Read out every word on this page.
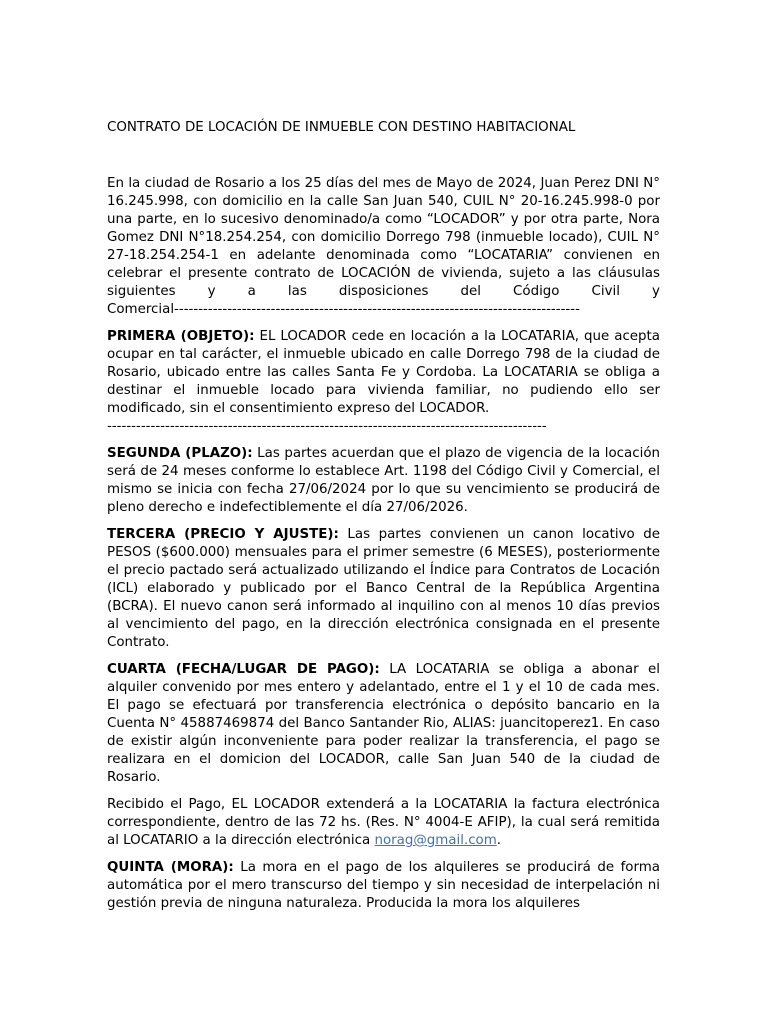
CONTRATO DE LOCACIÓN DE INMUEBLE CON DESTINO HABITACIONAL

En la ciudad de Rosario a los 25 días del mes de Mayo de 2024, Juan Perez DNI N° 16.245.998, con domicilio en la calle San Juan 540, CUIL N° 20-16.245.998-0 por una parte, en lo sucesivo denominado/a como “LOCADOR” y por otra parte, Nora Gomez DNI N°18.254.254, con domicilio Dorrego 798 (inmueble locado), CUIL N° 27-18.254.254-1 en adelante denominada como “LOCATARIA” convienen en celebrar el presente contrato de LOCACIÓN de vivienda, sujeto a las cláusulas siguientes y a las disposiciones del Código Civil y Comercial------------------------------------------------------------------------------------

PRIMERA (OBJETO): EL LOCADOR cede en locación a la LOCATARIA, que acepta ocupar en tal carácter, el inmueble ubicado en calle Dorrego 798 de la ciudad de Rosario, ubicado entre las calles Santa Fe y Cordoba. La LOCATARIA se obliga a destinar el inmueble locado para vivienda familiar, no pudiendo ello ser modificado, sin el consentimiento expreso del LOCADOR.
-------------------------------------------------------------------------------------------

SEGUNDA (PLAZO): Las partes acuerdan que el plazo de vigencia de la locación será de 24 meses conforme lo establece Art. 1198 del Código Civil y Comercial, el mismo se inicia con fecha 27/06/2024 por lo que su vencimiento se producirá de pleno derecho e indefectiblemente el día 27/06/2026.

TERCERA (PRECIO Y AJUSTE): Las partes convienen un canon locativo de PESOS ($600.000) mensuales para el primer semestre (6 MESES), posteriormente el precio pactado será actualizado utilizando el Índice para Contratos de Locación (ICL) elaborado y publicado por el Banco Central de la República Argentina (BCRA). El nuevo canon será informado al inquilino con al menos 10 días previos al vencimiento del pago, en la dirección electrónica consignada en el presente Contrato.

CUARTA (FECHA/LUGAR DE PAGO): LA LOCATARIA se obliga a abonar el alquiler convenido por mes entero y adelantado, entre el 1 y el 10 de cada mes. El pago se efectuará por transferencia electrónica o depósito bancario en la Cuenta N° 45887469874 del Banco Santander Rio, ALIAS: juancitoperez1. En caso de existir algún inconveniente para poder realizar la transferencia, el pago se realizara en el domicion del LOCADOR, calle San Juan 540 de la ciudad de Rosario.

Recibido el Pago, EL LOCADOR extenderá a la LOCATARIA la factura electrónica correspondiente, dentro de las 72 hs. (Res. N° 4004-E AFIP), la cual será remitida al LOCATARIO a la dirección electrónica norag@gmail.com.

QUINTA (MORA): La mora en el pago de los alquileres se producirá de forma automática por el mero transcurso del tiempo y sin necesidad de interpelación ni gestión previa de ninguna naturaleza. Producida la mora los alquileres
